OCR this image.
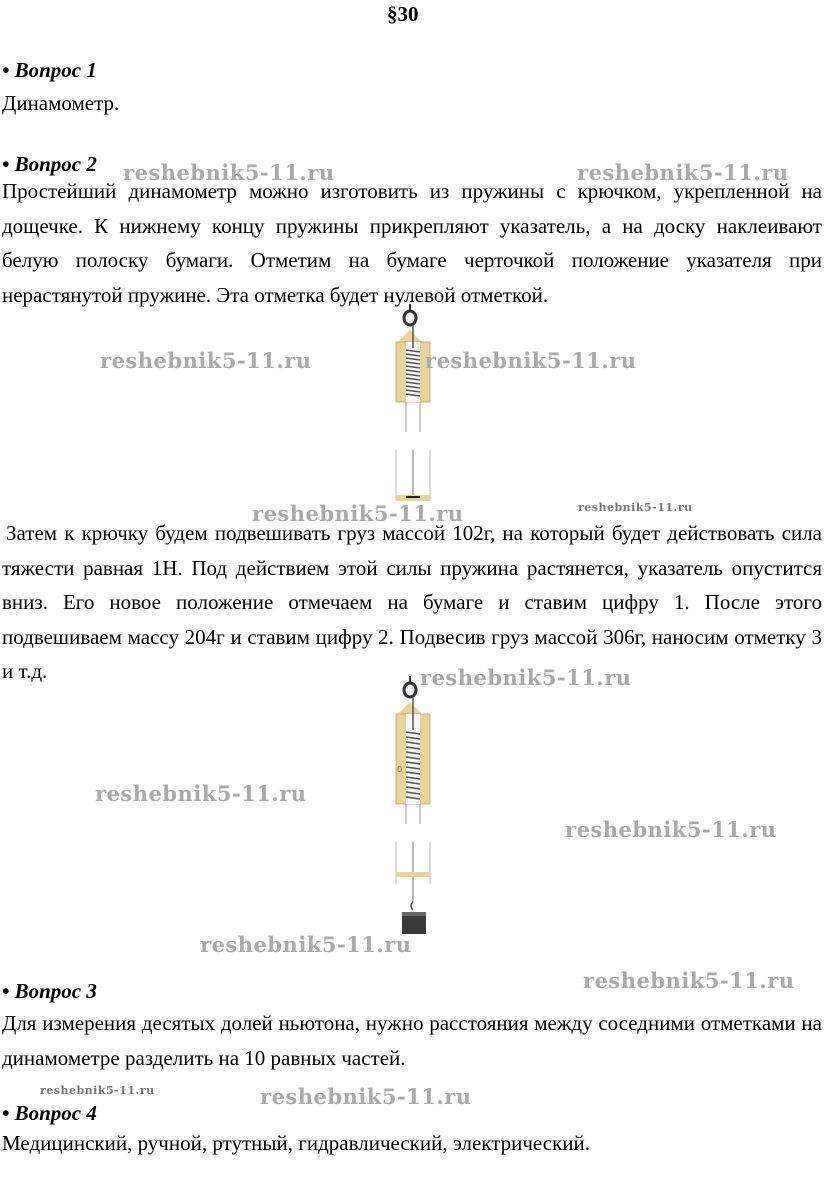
§30
• Вопрос 1
Динамометр.
• Вопрос 2
Простейший динамометр можно изготовить из пружины с крючком, укрепленной на дощечке. К нижнему концу пружины прикрепляют указатель, а на доску наклеивают белую полоску бумаги. Отметим на бумаге черточкой положение указателя при нерастянутой пружине. Эта отметка будет нулевой отметкой.
Затем к крючку будем подвешивать груз массой 102г, на который будет действовать сила тяжести равная 1Н. Под действием этой силы пружина растянется, указатель опустится вниз. Его новое положение отмечаем на бумаге и ставим цифру 1. После этого подвешиваем массу 204г и ставим цифру 2. Подвесив груз массой 306г, наносим отметку 3 и т.д.
0
• Вопрос 3
Для измерения десятых долей ньютона, нужно расстояния между соседними отметками на динамометре разделить на 10 равных частей.
• Вопрос 4
Медицинский, ручной, ртутный, гидравлический, электрический.
reshebnik5-11.ru	reshebnik5-11.ru
reshebnik5-11.ru	reshebnik5-11.ru
reshebnik5-11.ru	reshebnik5-11.ru
reshebnik5-11.ru
reshebnik5-11.ru
reshebnik5-11.ru
reshebnik5-11.ru
reshebnik5-11.ru
reshebnik5-11.ru	reshebnik5-11.ru
